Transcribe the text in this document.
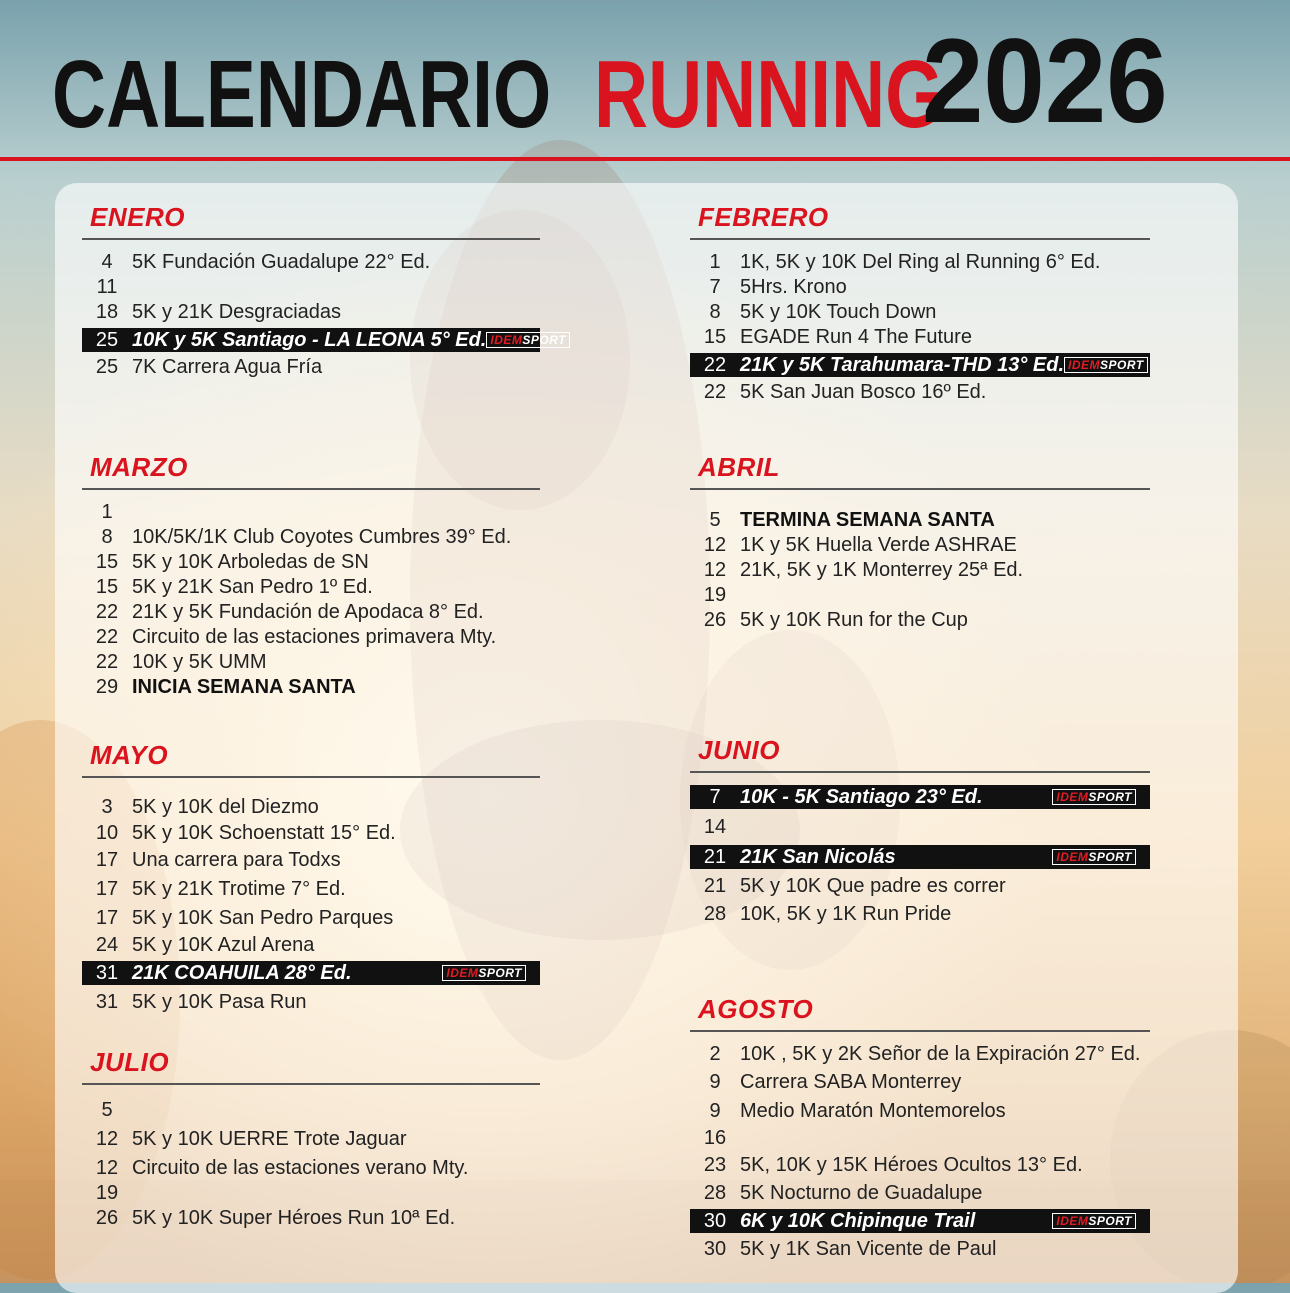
CALENDARIO RUNNING
2026
ENERO
4 5K Fundación Guadalupe 22° Ed.
11
18 5K y 21K Desgraciadas
25 10K y 5K Santiago - LA LEONA 5° Ed. IDEMSPORT
25 7K Carrera Agua Fría
FEBRERO
1 1K, 5K y 10K Del Ring al Running 6° Ed.
7 5Hrs. Krono
8 5K y 10K Touch Down
15 EGADE Run 4 The Future
22 21K y 5K Tarahumara-THD 13° Ed. IDEMSPORT
22 5K San Juan Bosco 16º Ed.
MARZO
1
8 10K/5K/1K Club Coyotes Cumbres 39° Ed.
15 5K y 10K Arboledas de SN
15 5K y 21K San Pedro 1º Ed.
22 21K y 5K Fundación de Apodaca 8° Ed.
22 Circuito de las estaciones primavera Mty.
22 10K y 5K UMM
29 INICIA SEMANA SANTA
ABRIL
5 TERMINA SEMANA SANTA
12 1K y 5K Huella Verde ASHRAE
12 21K, 5K y 1K Monterrey 25ª Ed.
19
26 5K y 10K Run for the Cup
MAYO
3 5K y 10K del Diezmo
10 5K y 10K Schoenstatt 15° Ed.
17 Una carrera para Todxs
17 5K y 21K Trotime 7° Ed.
17 5K y 10K San Pedro Parques
24 5K y 10K Azul Arena
31 21K COAHUILA 28° Ed.	IDEMSPORT
31 5K y 10K Pasa Run
JUNIO
7 10K - 5K Santiago 23° Ed.	IDEMSPORT
14
21 21K San Nicolás	IDEMSPORT
21 5K y 10K Que padre es correr
28 10K, 5K y 1K Run Pride
JULIO
5
12 5K y 10K UERRE Trote Jaguar
12 Circuito de las estaciones verano Mty.
19
26 5K y 10K Super Héroes Run 10ª Ed.
AGOSTO
2 10K , 5K y 2K Señor de la Expiración 27° Ed.
9 Carrera SABA Monterrey
9 Medio Maratón Montemorelos
16
23 5K, 10K y 15K Héroes Ocultos 13° Ed.
28 5K Nocturno de Guadalupe
30 6K y 10K Chipinque Trail	IDEMSPORT
30 5K y 1K San Vicente de Paul
